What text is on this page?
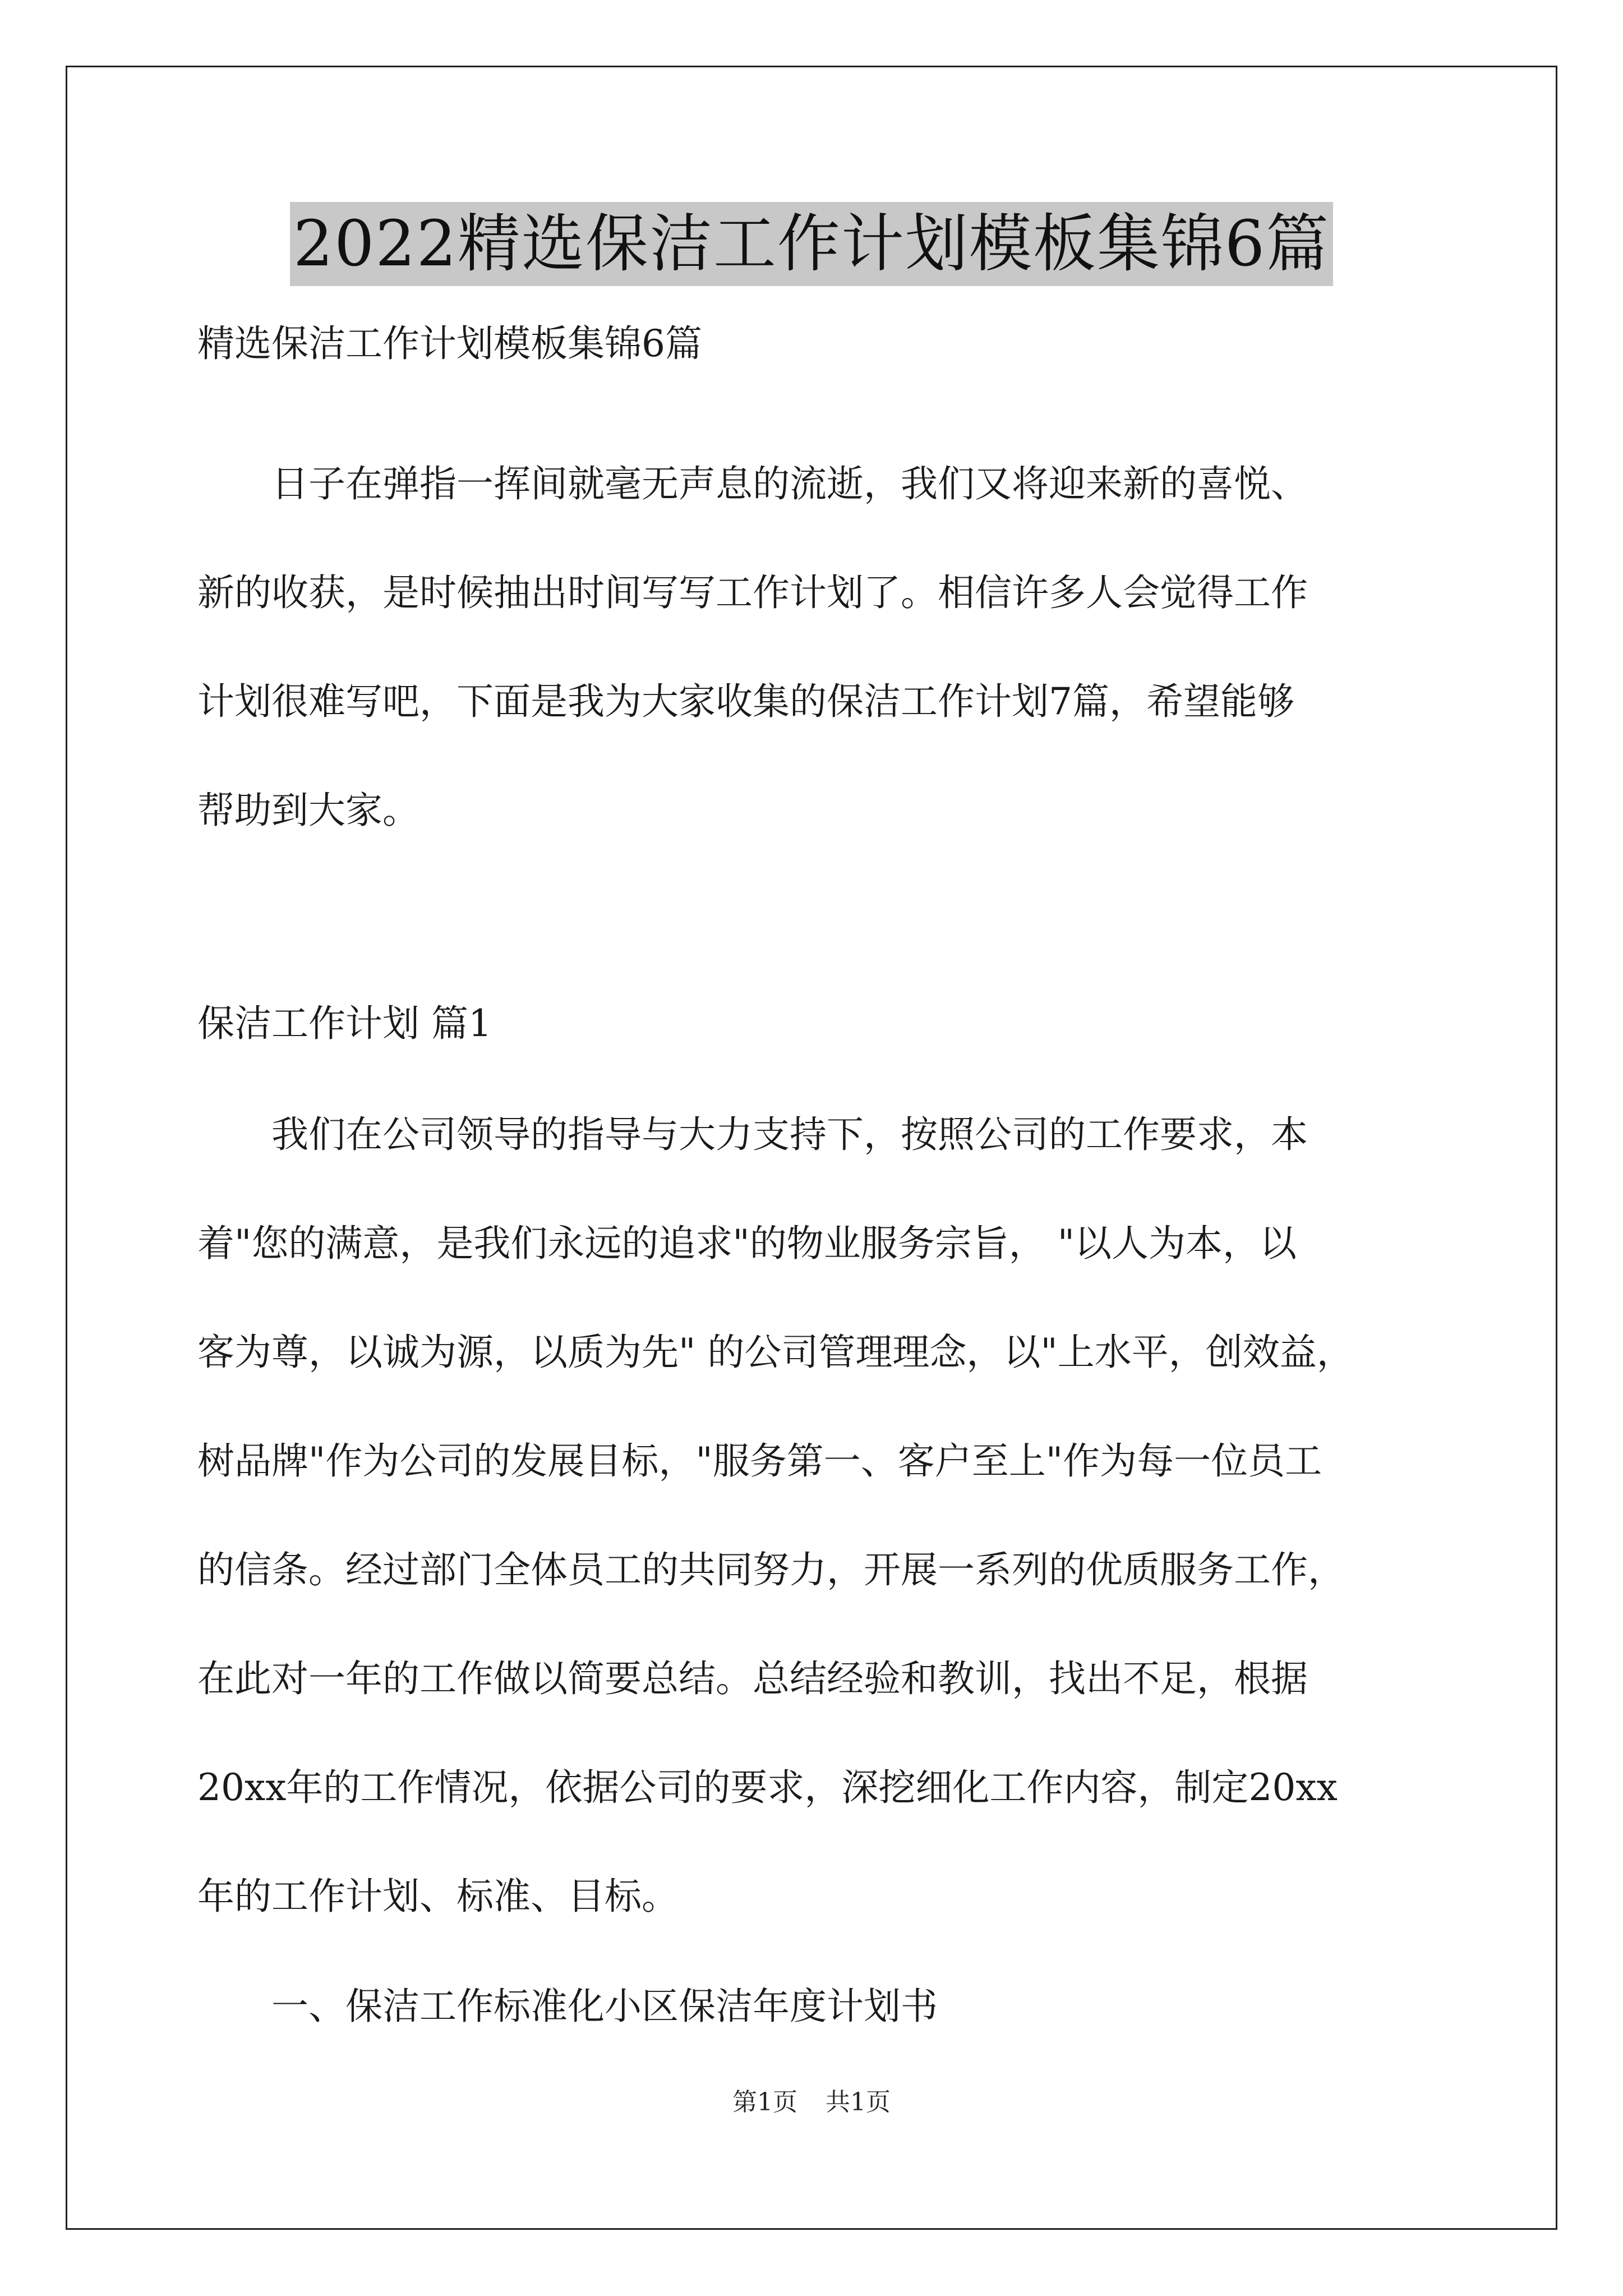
2022精选保洁工作计划模板集锦6篇
精选保洁工作计划模板集锦6篇
　　日子在弹指一挥间就毫无声息的流逝，我们又将迎来新的喜悦、
新的收获，是时候抽出时间写写工作计划了。相信许多人会觉得工作
计划很难写吧，下面是我为大家收集的保洁工作计划7篇，希望能够
帮助到大家。
保洁工作计划 篇1
　　我们在公司领导的指导与大力支持下，按照公司的工作要求，本
着"您的满意，是我们永远的追求"的物业服务宗旨， "以人为本，以
客为尊，以诚为源，以质为先" 的公司管理理念，以"上水平，创效益，
树品牌"作为公司的发展目标，"服务第一、客户至上"作为每一位员工
的信条。经过部门全体员工的共同努力，开展一系列的优质服务工作，
在此对一年的工作做以简要总结。总结经验和教训，找出不足，根据
20xx年的工作情况，依据公司的要求，深挖细化工作内容，制定20xx
年的工作计划、标准、目标。
　　一、保洁工作标准化小区保洁年度计划书
第1页 共1页
